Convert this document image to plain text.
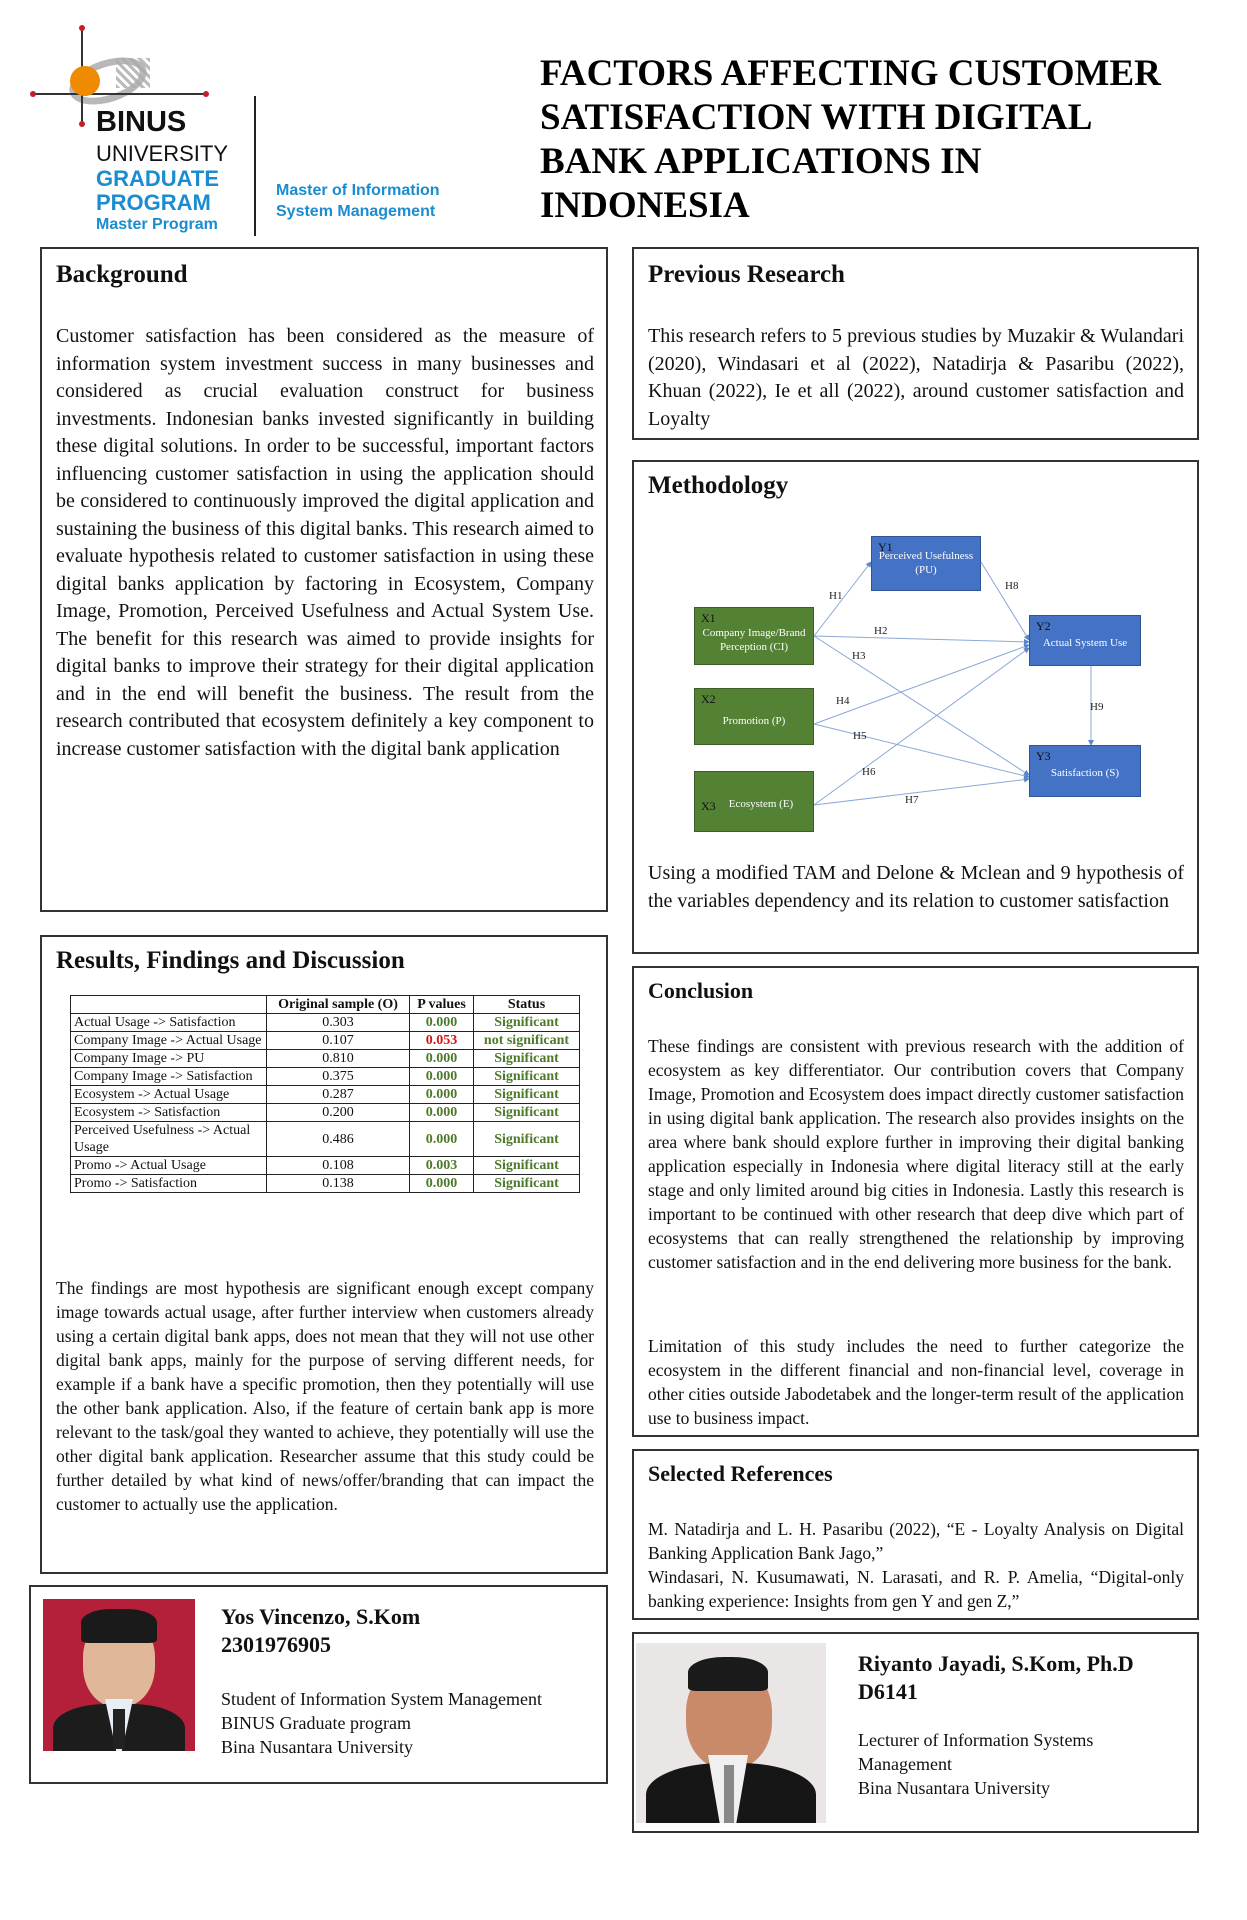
BINUS
UNIVERSITY
GRADUATE
PROGRAM
Master Program
Master of Information
System Management
FACTORS AFFECTING CUSTOMER SATISFACTION WITH DIGITAL BANK APPLICATIONS IN INDONESIA
Background

Customer satisfaction has been considered as the measure of information system investment success in many businesses and considered as crucial evaluation construct for business investments. Indonesian banks invested significantly in building these digital solutions. In order to be successful, important factors influencing customer satisfaction in using the application should be considered to continuously improved the digital application and sustaining the business of this digital banks. This research aimed to evaluate hypothesis related to customer satisfaction in using these digital banks application by factoring in Ecosystem, Company Image, Promotion, Perceived Usefulness and Actual System Use. The benefit for this research was aimed to provide insights for digital banks to improve their strategy for their digital application and in the end will benefit the business. The result from the research contributed that ecosystem definitely a key component to increase customer satisfaction with the digital bank application

Results, Findings and Discussion
	Original sample (O)	P values	Status
Actual Usage -> Satisfaction	0.303	0.000	Significant
Company Image -> Actual Usage	0.107	0.053	not significant
Company Image -> PU	0.810	0.000	Significant
Company Image -> Satisfaction	0.375	0.000	Significant
Ecosystem -> Actual Usage	0.287	0.000	Significant
Ecosystem -> Satisfaction	0.200	0.000	Significant
Perceived Usefulness -> Actual Usage	0.486	0.000	Significant
Promo -> Actual Usage	0.108	0.003	Significant
Promo -> Satisfaction	0.138	0.000	Significant

The findings are most hypothesis are significant enough except company image towards actual usage, after further interview when customers already using a certain digital bank apps, does not mean that they will not use other digital bank apps, mainly for the purpose of serving different needs, for example if a bank have a specific promotion, then they potentially will use the other bank application. Also, if the feature of certain bank app is more relevant to the task/goal they wanted to achieve, they potentially will use the other digital bank application. Researcher assume that this study could be further detailed by what kind of news/offer/branding that can impact the customer to actually use the application.

Yos Vincenzo, S.Kom
2301976905
Student of Information System Management
BINUS Graduate program
Bina Nusantara University
Previous Research

This research refers to 5 previous studies by Muzakir & Wulandari (2020), Windasari et al (2022), Natadirja & Pasaribu (2022), Khuan (2022), Ie et all (2022), around customer satisfaction and Loyalty

Methodology

Using a modified TAM and Delone & Mclean and 9 hypothesis of the variables dependency and its relation to customer satisfaction

H1
H2
H3
H4
H5
H6
H7
H8
H9
X1
Company Image/Brand Perception (CI)
X2
Promotion (P)
X3	Ecosystem (E)
Y1
Perceived Usefulness (PU)
Y2
Actual System Use
Y3
Satisfaction (S)
Conclusion

These findings are consistent with previous research with the addition of ecosystem as key differentiator. Our contribution covers that Company Image, Promotion and Ecosystem does impact directly customer satisfaction in using digital bank application. The research also provides insights on the area where bank should explore further in improving their digital banking application especially in Indonesia where digital literacy still at the early stage and only limited around big cities in Indonesia. Lastly this research is important to be continued with other research that deep dive which part of ecosystems that can really strengthened the relationship by improving customer satisfaction and in the end delivering more business for the bank.

Limitation of this study includes the need to further categorize the ecosystem in the different financial and non-financial level, coverage in other cities outside Jabodetabek and the longer-term result of the application use to business impact.

Selected References

M. Natadirja and L. H. Pasaribu (2022), “E - Loyalty Analysis on Digital Banking Application Bank Jago,”

Windasari, N. Kusumawati, N. Larasati, and R. P. Amelia, “Digital-only banking experience: Insights from gen Y and gen Z,”

Riyanto Jayadi, S.Kom, Ph.D
D6141
Lecturer of Information Systems
Management
Bina Nusantara University
